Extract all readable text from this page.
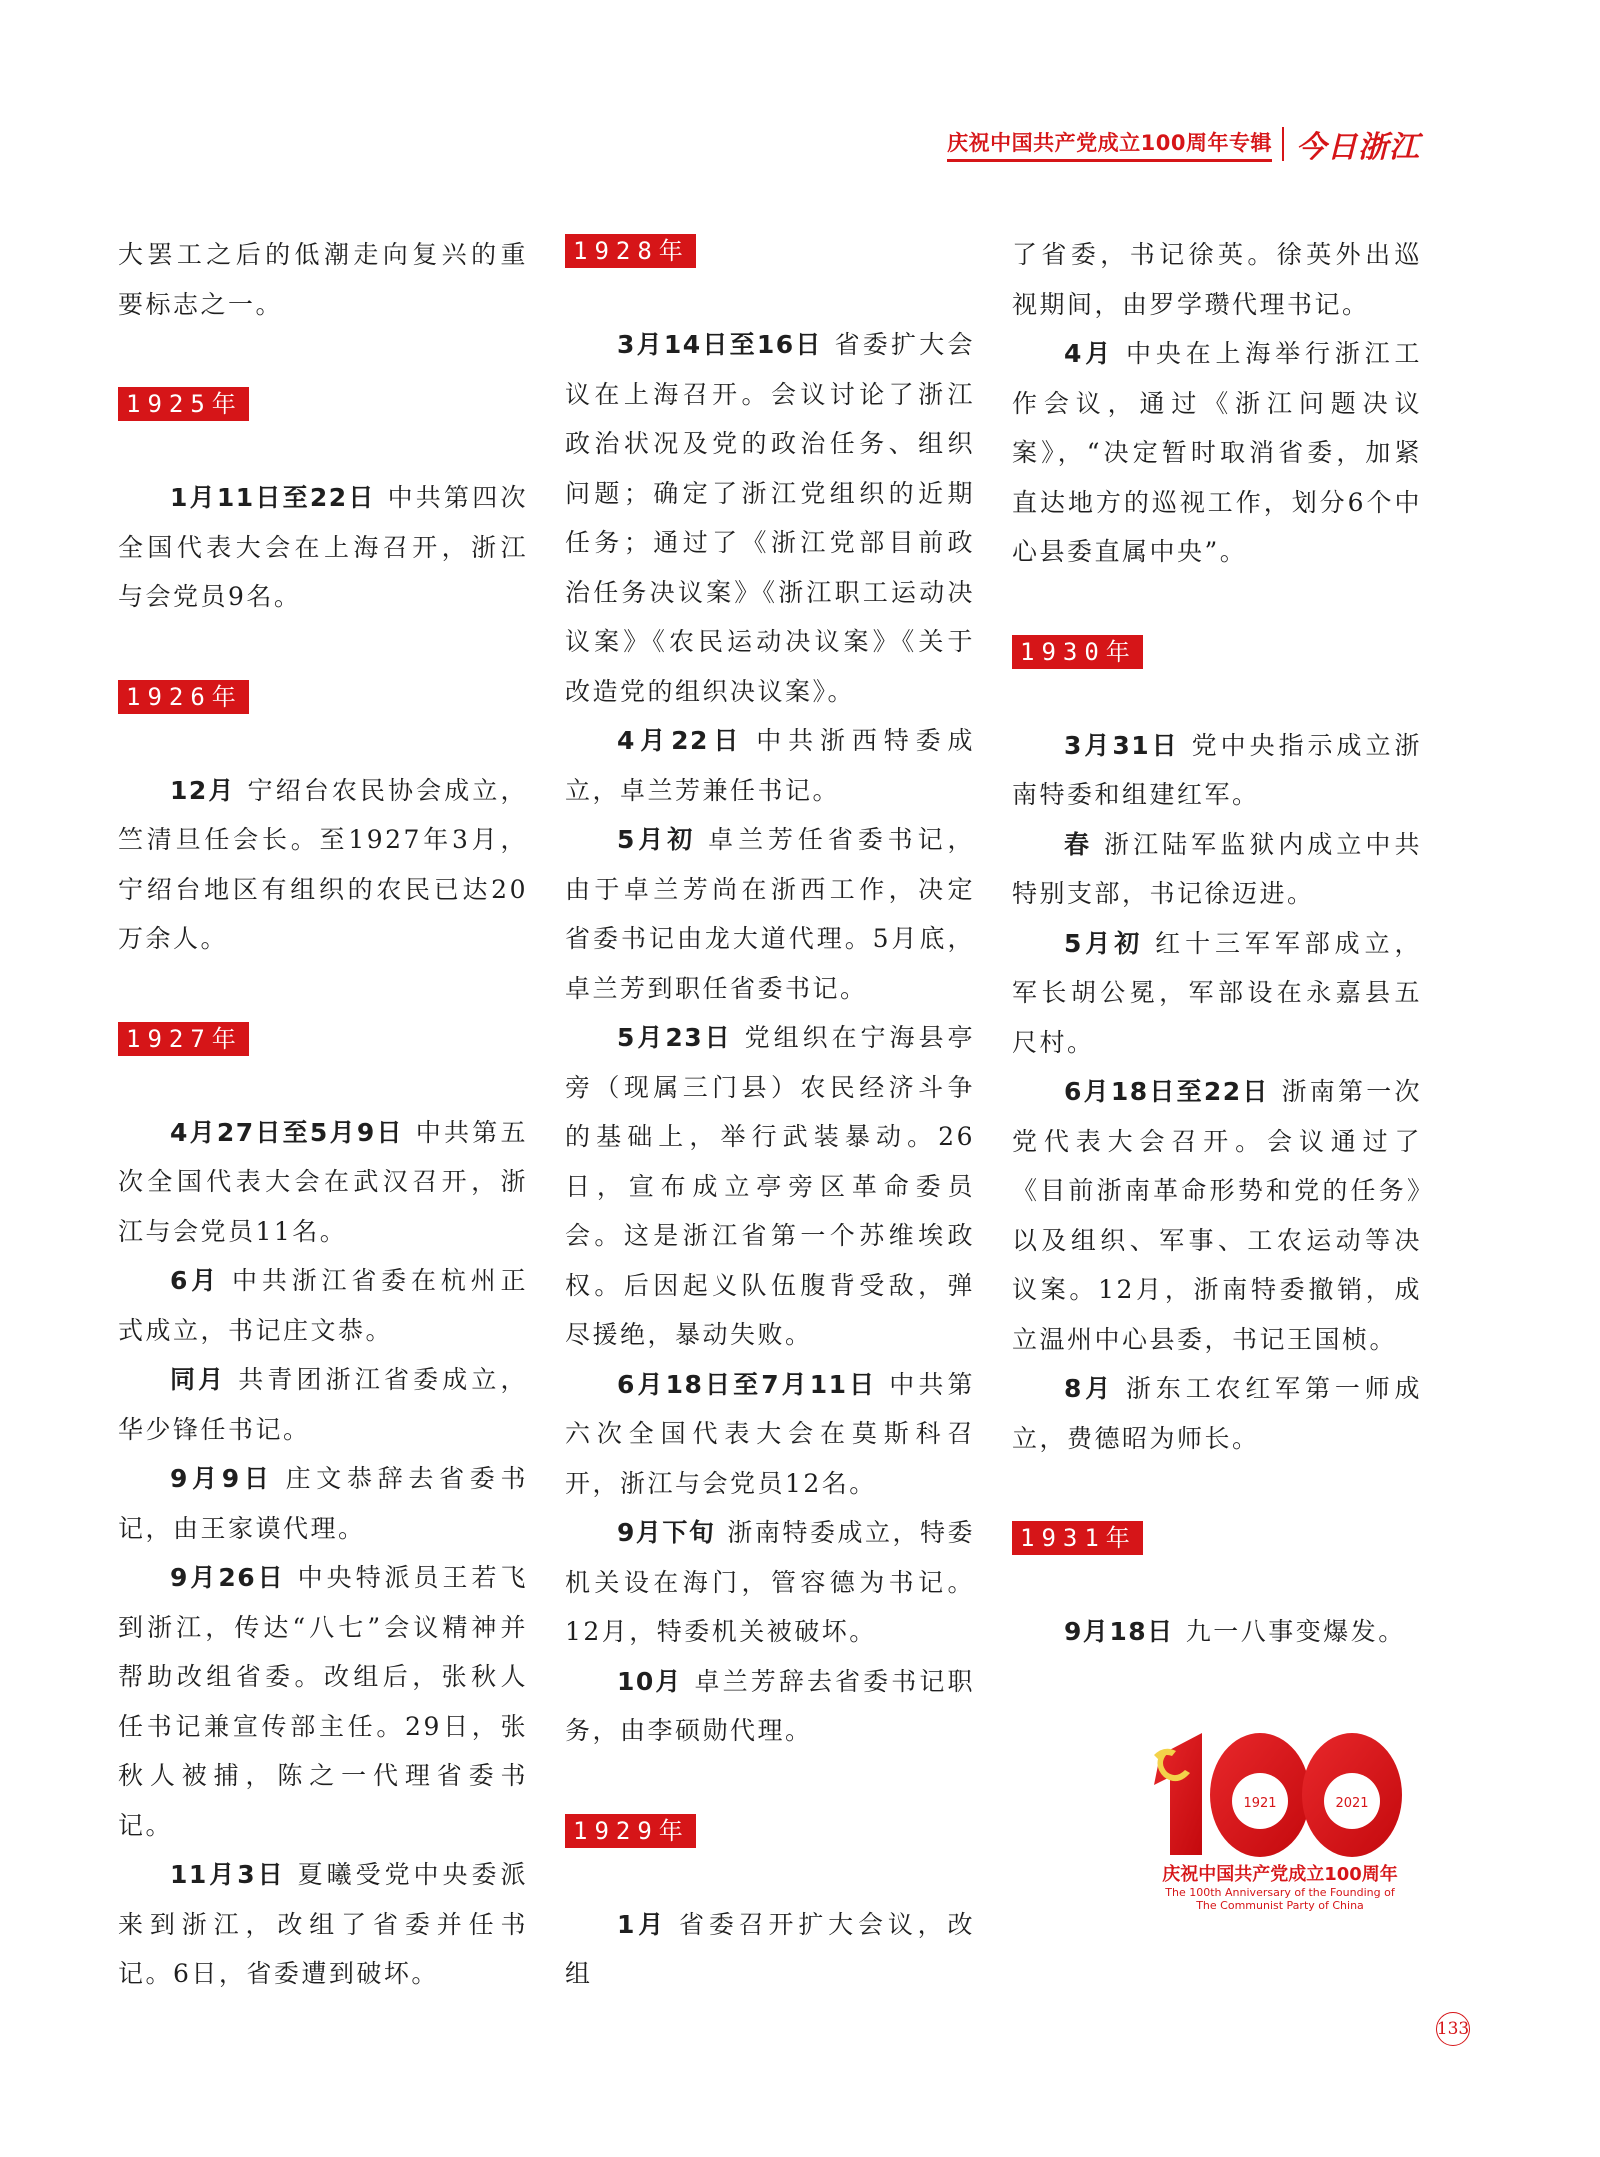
庆祝中国共产党成立100周年专辑 今日浙江

大罢工之后的低潮走向复兴的重要标志之一。

1925年

1月11日至22日 中共第四次全国代表大会在上海召开，浙江与会党员9名。

1926年

12月 宁绍台农民协会成立，竺清旦任会长。至1927年3月，宁绍台地区有组织的农民已达20万余人。

1927年

4月27日至5月9日 中共第五次全国代表大会在武汉召开，浙江与会党员11名。

6月 中共浙江省委在杭州正式成立，书记庄文恭。

同月 共青团浙江省委成立，华少锋任书记。

9月9日 庄文恭辞去省委书记，由王家谟代理。

9月26日 中央特派员王若飞到浙江，传达“八七”会议精神并帮助改组省委。改组后，张秋人任书记兼宣传部主任。29日，张秋人被捕，陈之一代理省委书记。

11月3日 夏曦受党中央委派来到浙江，改组了省委并任书记。6日，省委遭到破坏。

1928年

3月14日至16日 省委扩大会议在上海召开。会议讨论了浙江政治状况及党的政治任务、组织问题；确定了浙江党组织的近期任务；通过了《浙江党部目前政治任务决议案》《浙江职工运动决议案》《农民运动决议案》《关于改造党的组织决议案》。

4月22日 中共浙西特委成立，卓兰芳兼任书记。

5月初 卓兰芳任省委书记，由于卓兰芳尚在浙西工作，决定省委书记由龙大道代理。5月底，卓兰芳到职任省委书记。

5月23日 党组织在宁海县亭旁（现属三门县）农民经济斗争的基础上，举行武装暴动。26日，宣布成立亭旁区革命委员会。这是浙江省第一个苏维埃政权。后因起义队伍腹背受敌，弹尽援绝，暴动失败。

6月18日至7月11日 中共第六次全国代表大会在莫斯科召开，浙江与会党员12名。

9月下旬 浙南特委成立，特委机关设在海门，管容德为书记。12月，特委机关被破坏。

10月 卓兰芳辞去省委书记职务，由李硕勋代理。

1929年

1月 省委召开扩大会议，改组

了省委，书记徐英。徐英外出巡视期间，由罗学瓒代理书记。

4月 中央在上海举行浙江工作会议，通过《浙江问题决议案》，“决定暂时取消省委，加紧直达地方的巡视工作，划分6个中心县委直属中央”。

1930年

3月31日 党中央指示成立浙南特委和组建红军。

春 浙江陆军监狱内成立中共特别支部，书记徐迈进。

5月初 红十三军军部成立，军长胡公冕，军部设在永嘉县五尺村。

6月18日至22日 浙南第一次党代表大会召开。会议通过了《目前浙南革命形势和党的任务》以及组织、军事、工农运动等决议案。12月，浙南特委撤销，成立温州中心县委，书记王国桢。

8月 浙东工农红军第一师成立，费德昭为师长。

1931年

9月18日 九一八事变爆发。

1921	2021
庆祝中国共产党成立100周年
The 100th Anniversary of the Founding of
The Communist Party of China
133
